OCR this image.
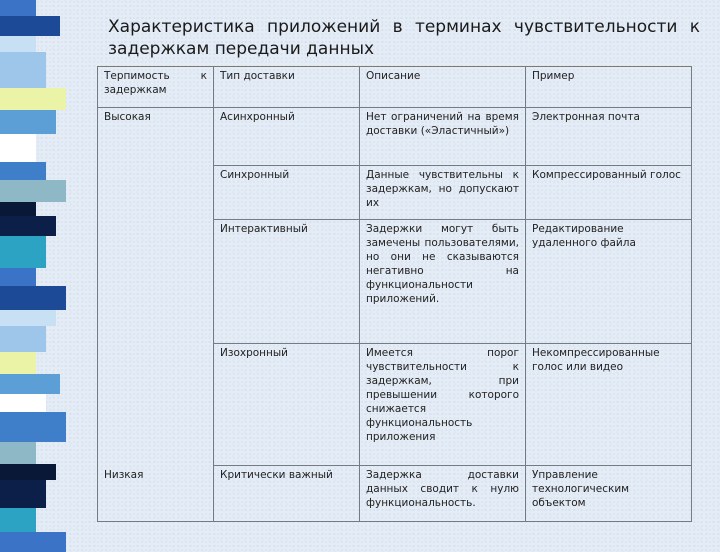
Характеристика приложений в терминах чувствительности к задержкам передачи данных
Терпимость к задержкам	Тип доставки	Описание	Пример
Высокая	Асинхронный	Нет ограничений на время доставки («Эластичный»)	Электронная почта
	Синхронный	Данные чувствительны к задержкам, но допускают их	Компрессированный голос
	Интерактивный	Задержки могут быть замечены пользователями, но они не сказываются негативно на функциональности приложений.	Редактирование удаленного файла
	Изохронный	Имеется порог чувствительности к задержкам, при превышении которого снижается функциональность приложения	Некомпрессированные голос или видео
Низкая	Критически важный	Задержка доставки данных сводит к нулю функциональность.	Управление технологическим объектом
